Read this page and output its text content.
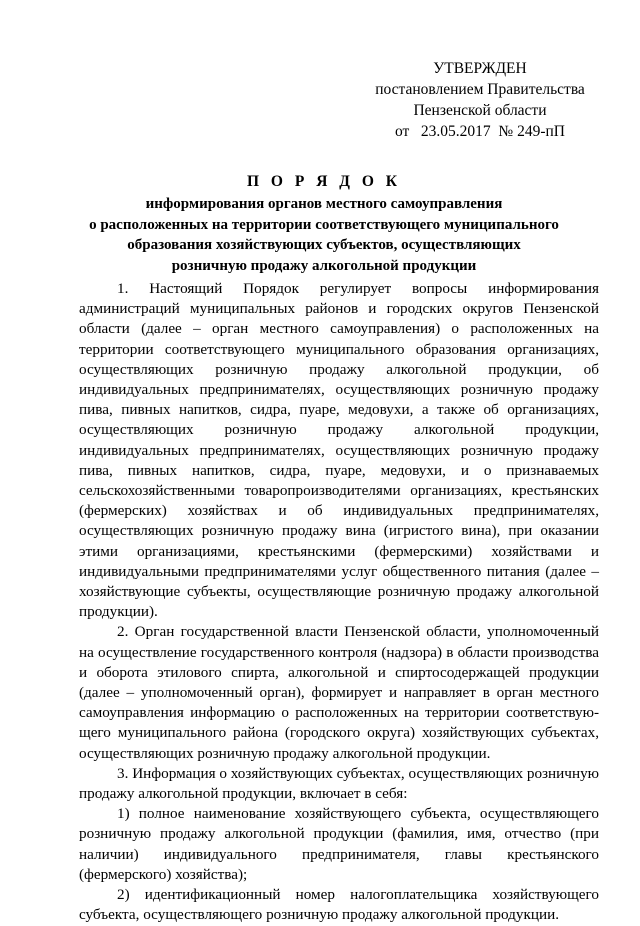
УТВЕРЖДЕН
постановлением Правительства
Пензенской области
от   23.05.2017  № 249-пП
П О Р Я Д О К
информирования органов местного самоуправления
о расположенных на территории соответствующего муниципального
образования хозяйствующих субъектов, осуществляющих
розничную продажу алкогольной продукции

1. Настоящий Порядок регулирует вопросы информирования администраций муниципальных районов и городских округов Пензенской области (далее – орган местного самоуправления) о расположенных на территории соответствующего муниципального образования организациях, осуществляющих розничную продажу алкогольной продукции, об индивидуальных предпринимателях, осуществляющих розничную продажу пива, пивных напитков, сидра, пуаре, медовухи, а также об организациях, осуществляющих розничную продажу алкогольной продукции, индивидуальных предпринимателях, осуществляющих розничную продажу пива, пивных напитков, сидра, пуаре, медовухи, и о признаваемых сельскохозяйственными товаропроизводителями организациях, крестьянских (фермерских) хозяйствах и об индивидуальных предпринимателях, осуществляющих розничную продажу вина (игристого вина), при оказании этими организациями, крестьянскими (фермерскими) хозяйствами и индивидуальными предпринимателями услуг общественного питания (далее – хозяйствующие субъекты, осуществляющие розничную продажу алкогольной продукции).

2. Орган государственной власти Пензенской области, уполномоченный на осуществление государственного контроля (надзора) в области производства и оборота этилового спирта, алкогольной и спиртосодержащей продукции (далее – уполномоченный орган), формирует и направляет в орган местного самоуправления информацию о расположенных на территории соответствующего муниципального района (городского округа) хозяйствующих субъектах, осуществляющих розничную продажу алкогольной продукции.

3. Информация о хозяйствующих субъектах, осуществляющих розничную продажу алкогольной продукции, включает в себя:

1) полное наименование хозяйствующего субъекта, осуществляющего розничную продажу алкогольной продукции (фамилия, имя, отчество (при наличии) индивидуального предпринимателя, главы крестьянского (фермерского) хозяйства);

2) идентификационный номер налогоплательщика хозяйствующего субъекта, осуществляющего розничную продажу алкогольной продукции.
